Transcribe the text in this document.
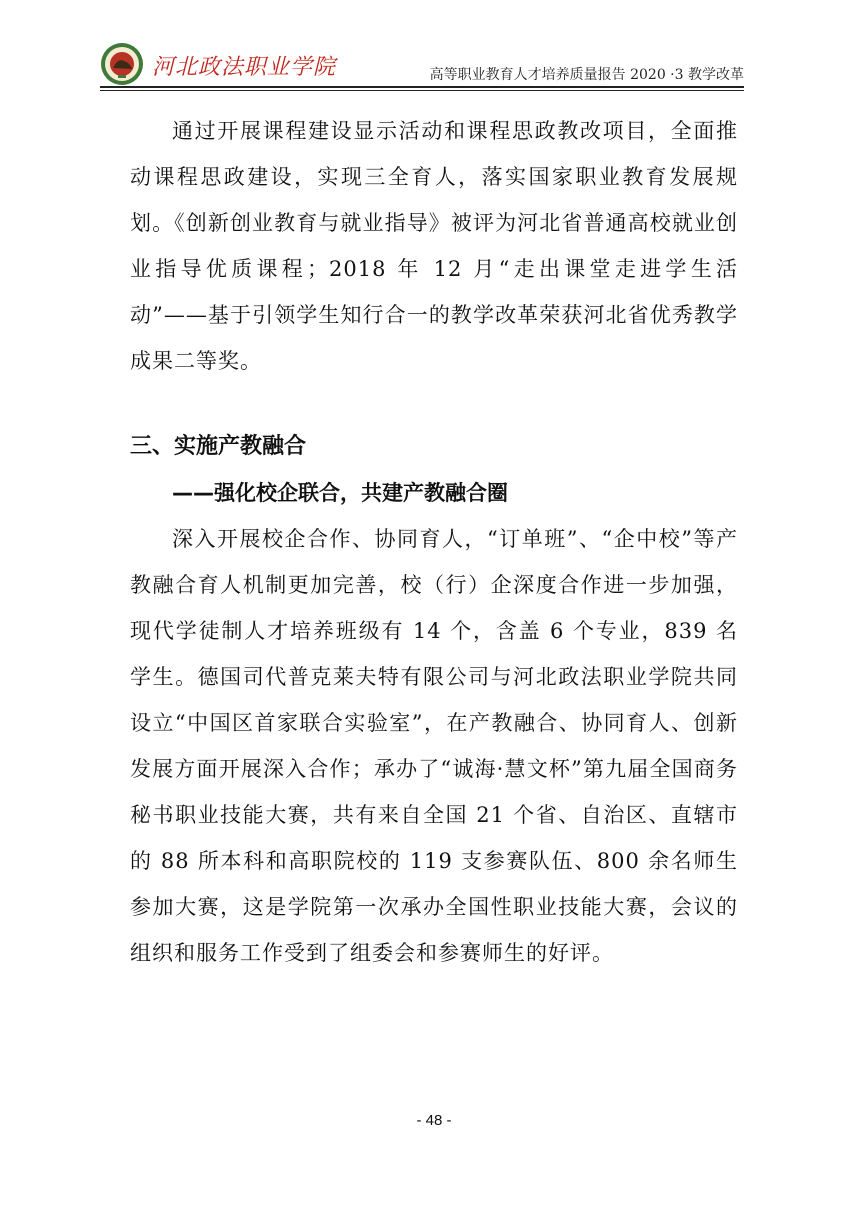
河北政法职业学院	高等职业教育人才培养质量报告 2020 ·3 教学改革

通过开展课程建设显示活动和课程思政教改项目，全面推动课程思政建设，实现三全育人，落实国家职业教育发展规划。《创新创业教育与就业指导》被评为河北省普通高校就业创业指导优质课程；2018 年 12 月“走出课堂走进学生活动”——基于引领学生知行合一的教学改革荣获河北省优秀教学成果二等奖。

三、实施产教融合

——强化校企联合，共建产教融合圈

深入开展校企合作、协同育人，“订单班”、“企中校”等产教融合育人机制更加完善，校（行）企深度合作进一步加强，现代学徒制人才培养班级有 14 个，含盖 6 个专业，839 名学生。德国司代普克莱夫特有限公司与河北政法职业学院共同设立“中国区首家联合实验室”，在产教融合、协同育人、创新发展方面开展深入合作；承办了“诚海·慧文杯”第九届全国商务秘书职业技能大赛，共有来自全国 21 个省、自治区、直辖市的 88 所本科和高职院校的 119 支参赛队伍、800 余名师生参加大赛，这是学院第一次承办全国性职业技能大赛，会议的组织和服务工作受到了组委会和参赛师生的好评。

- 48 -
